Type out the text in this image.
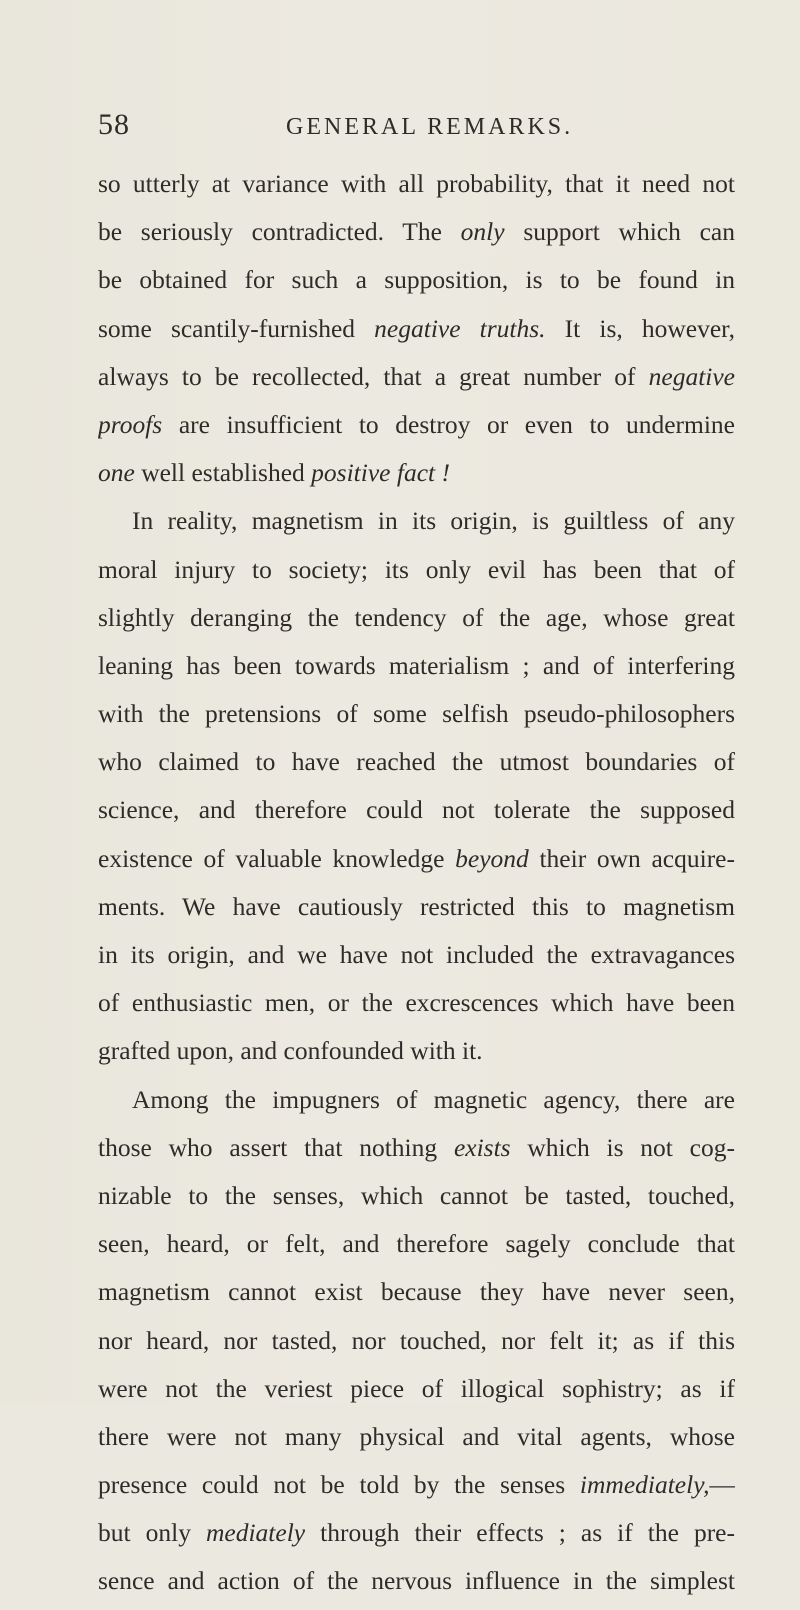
58	GENERAL REMARKS.
so utterly at variance with all probability, that it need not
be seriously contradicted. The only support which can
be obtained for such a supposition, is to be found in
some scantily-furnished negative truths. It is, however,
always to be recollected, that a great number of negative
proofs are insufficient to destroy or even to undermine
one well established positive fact !
In reality, magnetism in its origin, is guiltless of any
moral injury to society; its only evil has been that of
slightly deranging the tendency of the age, whose great
leaning has been towards materialism ; and of interfering
with the pretensions of some selfish pseudo-philosophers
who claimed to have reached the utmost boundaries of
science, and therefore could not tolerate the supposed
existence of valuable knowledge beyond their own acquire-
ments. We have cautiously restricted this to magnetism
in its origin, and we have not included the extravagances
of enthusiastic men, or the excrescences which have been
grafted upon, and confounded with it.
Among the impugners of magnetic agency, there are
those who assert that nothing exists which is not cog-
nizable to the senses, which cannot be tasted, touched,
seen, heard, or felt, and therefore sagely conclude that
magnetism cannot exist because they have never seen,
nor heard, nor tasted, nor touched, nor felt it; as if this
were not the veriest piece of illogical sophistry; as if
there were not many physical and vital agents, whose
presence could not be told by the senses immediately,—
but only mediately through their effects ; as if the pre-
sence and action of the nervous influence in the simplest
